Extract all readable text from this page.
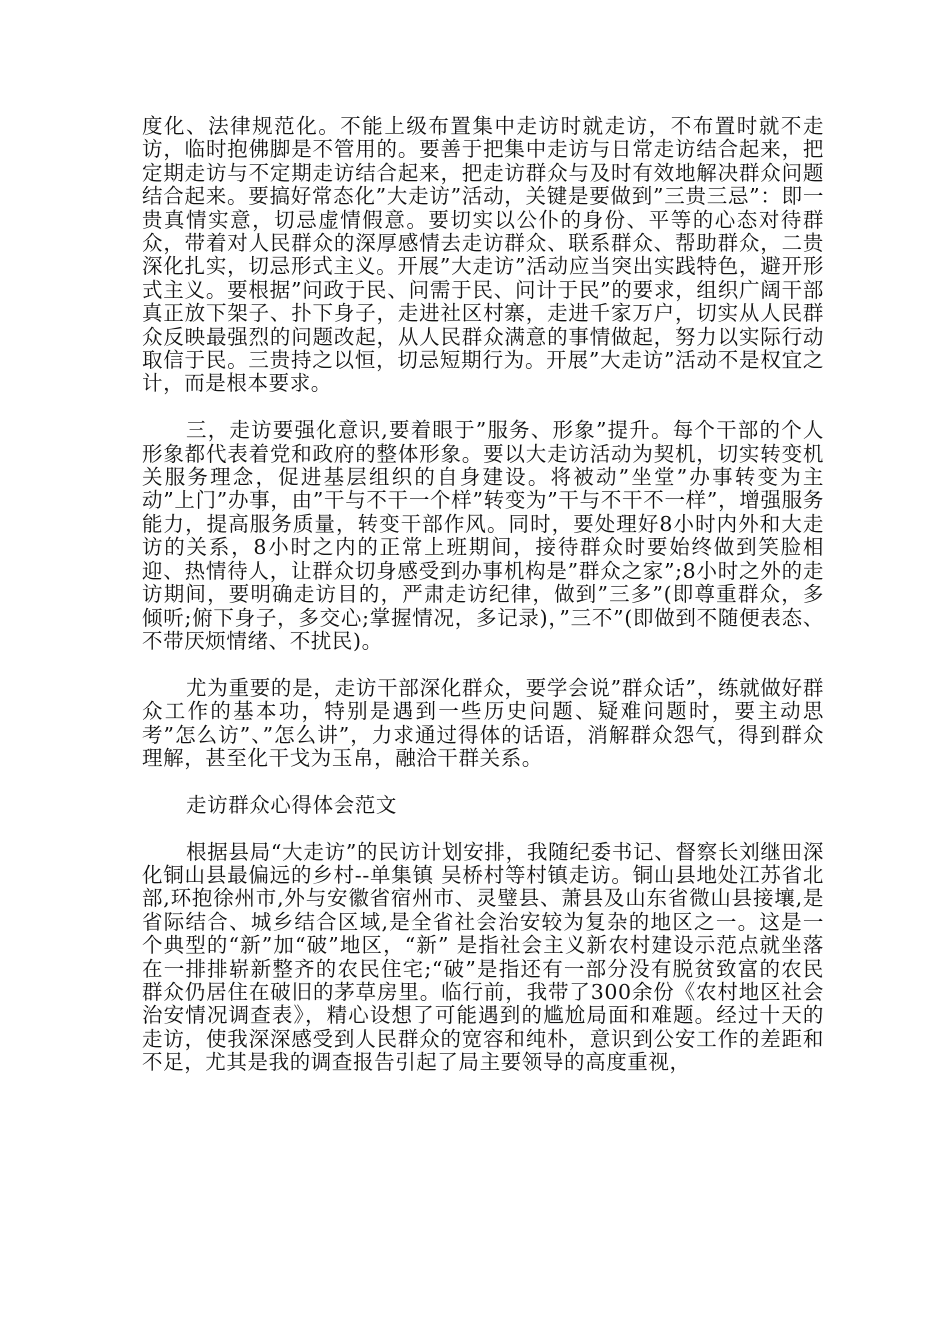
度化、法律规范化。不能上级布置集中走访时就走访，不布置时就不走访，临时抱佛脚是不管用的。要善于把集中走访与日常走访结合起来，把定期走访与不定期走访结合起来，把走访群众与及时有效地解决群众问题结合起来。要搞好常态化”大走访”活动，关键是要做到”三贵三忌”：即一贵真情实意，切忌虚情假意。要切实以公仆的身份、平等的心态对待群众，带着对人民群众的深厚感情去走访群众、联系群众、帮助群众，二贵深化扎实，切忌形式主义。开展”大走访”活动应当突出实践特色，避开形式主义。要根据”问政于民、问需于民、问计于民”的要求，组织广阔干部真正放下架子、扑下身子，走进社区村寨，走进千家万户，切实从人民群众反映最强烈的问题改起，从人民群众满意的事情做起，努力以实际行动取信于民。三贵持之以恒，切忌短期行为。开展”大走访”活动不是权宜之计，而是根本要求。

三，走访要强化意识,要着眼于”服务、形象”提升。每个干部的个人形象都代表着党和政府的整体形象。要以大走访活动为契机，切实转变机关服务理念，促进基层组织的自身建设。将被动”坐堂”办事转变为主动”上门”办事，由”干与不干一个样”转变为”干与不干不一样”，增强服务能力，提高服务质量，转变干部作风。同时，要处理好8小时内外和大走访的关系，8小时之内的正常上班期间，接待群众时要始终做到笑脸相迎、热情待人，让群众切身感受到办事机构是”群众之家”;8小时之外的走访期间，要明确走访目的，严肃走访纪律，做到”三多”(即尊重群众，多倾听;俯下身子，多交心;掌握情况，多记录)，”三不”(即做到不随便表态、不带厌烦情绪、不扰民)。

尤为重要的是，走访干部深化群众，要学会说”群众话”，练就做好群众工作的基本功，特别是遇到一些历史问题、疑难问题时，要主动思考”怎么访”、”怎么讲”，力求通过得体的话语，消解群众怨气，得到群众理解，甚至化干戈为玉帛，融洽干群关系。

走访群众心得体会范文

根据县局“大走访”的民访计划安排，我随纪委书记、督察长刘继田深化铜山县最偏远的乡村--单集镇 吴桥村等村镇走访。铜山县地处江苏省北部,环抱徐州市,外与安徽省宿州市、灵璧县、萧县及山东省微山县接壤,是省际结合、城乡结合区域,是全省社会治安较为复杂的地区之一。这是一个典型的“新”加“破”地区，“新” 是指社会主义新农村建设示范点就坐落在一排排崭新整齐的农民住宅;“破”是指还有一部分没有脱贫致富的农民群众仍居住在破旧的茅草房里。临行前，我带了300余份《农村地区社会治安情况调查表》，精心设想了可能遇到的尴尬局面和难题。经过十天的走访，使我深深感受到人民群众的宽容和纯朴，意识到公安工作的差距和不足，尤其是我的调查报告引起了局主要领导的高度重视，
